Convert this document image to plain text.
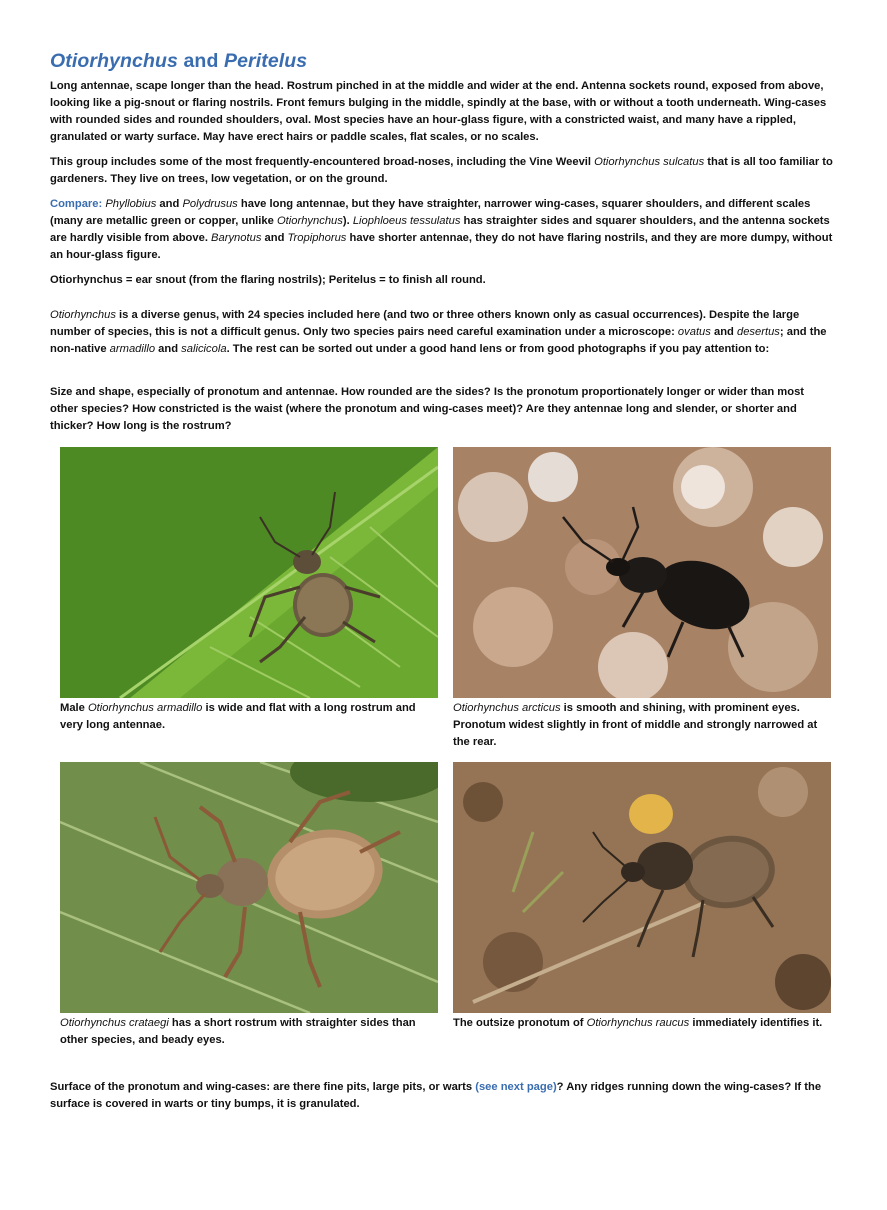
Otiorhynchus and Peritelus

Long antennae, scape longer than the head. Rostrum pinched in at the middle and wider at the end. Antenna sockets round, exposed from above, looking like a pig-snout or flaring nostrils. Front femurs bulging in the middle, spindly at the base, with or without a tooth underneath. Wing-cases with rounded sides and rounded shoulders, oval. Most species have an hour-glass figure, with a constricted waist, and many have a rippled, granulated or warty surface. May have erect hairs or paddle scales, flat scales, or no scales.

This group includes some of the most frequently-encountered broad-noses, including the Vine Weevil Otiorhynchus sulcatus that is all too familiar to gardeners. They live on trees, low vegetation, or on the ground.

Compare: Phyllobius and Polydrusus have long antennae, but they have straighter, narrower wing-cases, squarer shoulders, and different scales (many are metallic green or copper, unlike Otiorhynchus). Liophloeus tessulatus has straighter sides and squarer shoulders, and the antenna sockets are hardly visible from above. Barynotus and Tropiphorus have shorter antennae, they do not have flaring nostrils, and they are more dumpy, without an hour-glass figure.

Otiorhynchus = ear snout (from the flaring nostrils); Peritelus = to finish all round.

Otiorhynchus is a diverse genus, with 24 species included here (and two or three others known only as casual occurrences). Despite the large number of species, this is not a difficult genus. Only two species pairs need careful examination under a microscope: ovatus and desertus; and the non-native armadillo and salicicola. The rest can be sorted out under a good hand lens or from good photographs if you pay attention to:

Size and shape, especially of pronotum and antennae. How rounded are the sides? Is the pronotum proportionately longer or wider than most other species? How constricted is the waist (where the pronotum and wing-cases meet)? Are they antennae long and slender, or shorter and thicker? How long is the rostrum?

Male Otiorhynchus armadillo is wide and flat with a long rostrum and very long antennae.

Otiorhynchus arcticus is smooth and shining, with prominent eyes. Pronotum widest slightly in front of middle and strongly narrowed at the rear.

Otiorhynchus crataegi has a short rostrum with straighter sides than other species, and beady eyes.

The outsize pronotum of Otiorhynchus raucus immediately identifies it.

Surface of the pronotum and wing-cases: are there fine pits, large pits, or warts (see next page)? Any ridges running down the wing-cases? If the surface is covered in warts or tiny bumps, it is granulated.
